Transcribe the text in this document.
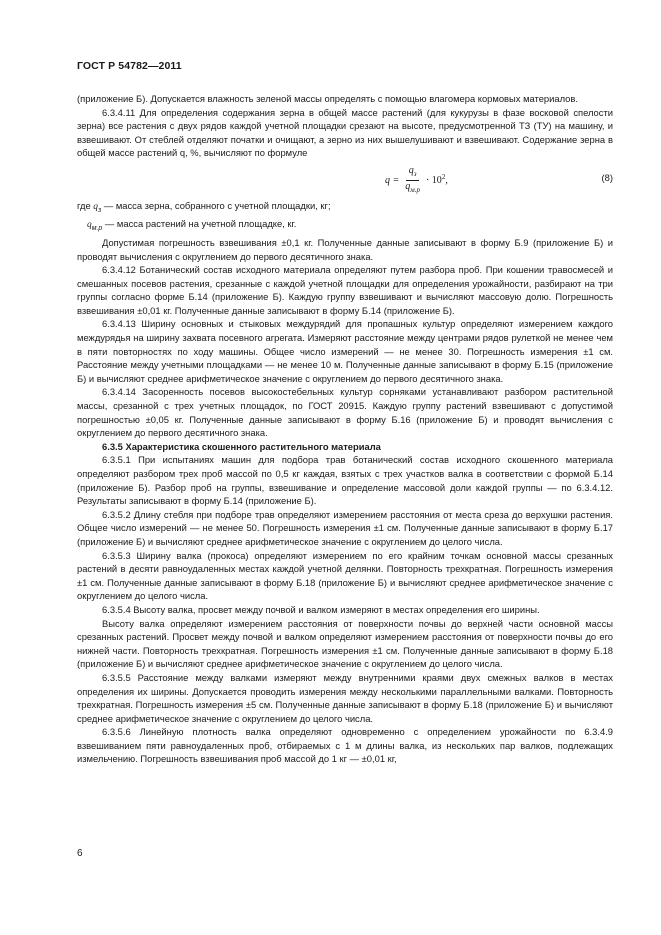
ГОСТ Р 54782—2011

(приложение Б). Допускается влажность зеленой массы определять с помощью влагомера кормовых материалов.

6.3.4.11 Для определения содержания зерна в общей массе растений (для кукурузы в фазе восковой спелости зерна) все растения с двух рядов каждой учетной площадки срезают на высоте, предусмотренной ТЗ (ТУ) на машину, и взвешивают. От стеблей отделяют початки и очищают, а зерно из них вышелушивают и взвешивают. Содержание зерна в общей массе растений q, %, вычисляют по формуле

$q = \frac{q_з}{q_{м.р}} \cdot 10^2$ ,	(8)

где $q_з$ — масса зерна, собранного с учетной площадки, кг;

$q_{м.р}$ — масса растений на учетной площадке, кг.

Допустимая погрешность взвешивания ±0,1 кг. Полученные данные записывают в форму Б.9 (приложение Б) и проводят вычисления с округлением до первого десятичного знака.

6.3.4.12 Ботанический состав исходного материала определяют путем разбора проб. При кошении травосмесей и смешанных посевов растения, срезанные с каждой учетной площадки для определения урожайности, разбирают на три группы согласно форме Б.14 (приложение Б). Каждую группу взвешивают и вычисляют массовую долю. Погрешность взвешивания ±0,01 кг. Полученные данные записывают в форму Б.14 (приложение Б).

6.3.4.13 Ширину основных и стыковых междурядий для пропашных культур определяют измерением каждого междурядья на ширину захвата посевного агрегата. Измеряют расстояние между центрами рядов рулеткой не менее чем в пяти повторностях по ходу машины. Общее число измерений — не менее 30. Погрешность измерения ±1 см. Расстояние между учетными площадками — не менее 10 м. Полученные данные записывают в форму Б.15 (приложение Б) и вычисляют среднее арифметическое значение с округлением до первого десятичного знака.

6.3.4.14 Засоренность посевов высокостебельных культур сорняками устанавливают разбором растительной массы, срезанной с трех учетных площадок, по ГОСТ 20915. Каждую группу растений взвешивают с допустимой погрешностью ±0,05 кг. Полученные данные записывают в форму Б.16 (приложение Б) и проводят вычисления с округлением до первого десятичного знака.

6.3.5 Характеристика скошенного растительного материала

6.3.5.1 При испытаниях машин для подбора трав ботанический состав исходного скошенного материала определяют разбором трех проб массой по 0,5 кг каждая, взятых с трех участков валка в соответствии с формой Б.14 (приложение Б). Разбор проб на группы, взвешивание и определение массовой доли каждой группы — по 6.3.4.12. Результаты записывают в форму Б.14 (приложение Б).

6.3.5.2 Длину стебля при подборе трав определяют измерением расстояния от места среза до верхушки растения. Общее число измерений — не менее 50. Погрешность измерения ±1 см. Полученные данные записывают в форму Б.17 (приложение Б) и вычисляют среднее арифметическое значение с округлением до целого числа.

6.3.5.3 Ширину валка (прокоса) определяют измерением по его крайним точкам основной массы срезанных растений в десяти равноудаленных местах каждой учетной делянки. Повторность трехкратная. Погрешность измерения ±1 см. Полученные данные записывают в форму Б.18 (приложение Б) и вычисляют среднее арифметическое значение с округлением до целого числа.

6.3.5.4 Высоту валка, просвет между почвой и валком измеряют в местах определения его ширины.

Высоту валка определяют измерением расстояния от поверхности почвы до верхней части основной массы срезанных растений. Просвет между почвой и валком определяют измерением расстояния от поверхности почвы до его нижней части. Повторность трехкратная. Погрешность измерения ±1 см. Полученные данные записывают в форму Б.18 (приложение Б) и вычисляют среднее арифметическое значение с округлением до целого числа.

6.3.5.5 Расстояние между валками измеряют между внутренними краями двух смежных валков в местах определения их ширины. Допускается проводить измерения между несколькими параллельными валками. Повторность трехкратная. Погрешность измерения ±5 см. Полученные данные записывают в форму Б.18 (приложение Б) и вычисляют среднее арифметическое значение с округлением до целого числа.

6.3.5.6 Линейную плотность валка определяют одновременно с определением урожайности по 6.3.4.9 взвешиванием пяти равноудаленных проб, отбираемых с 1 м длины валка, из нескольких пар валков, подлежащих измельчению. Погрешность взвешивания проб массой до 1 кг — ±0,01 кг,

6
